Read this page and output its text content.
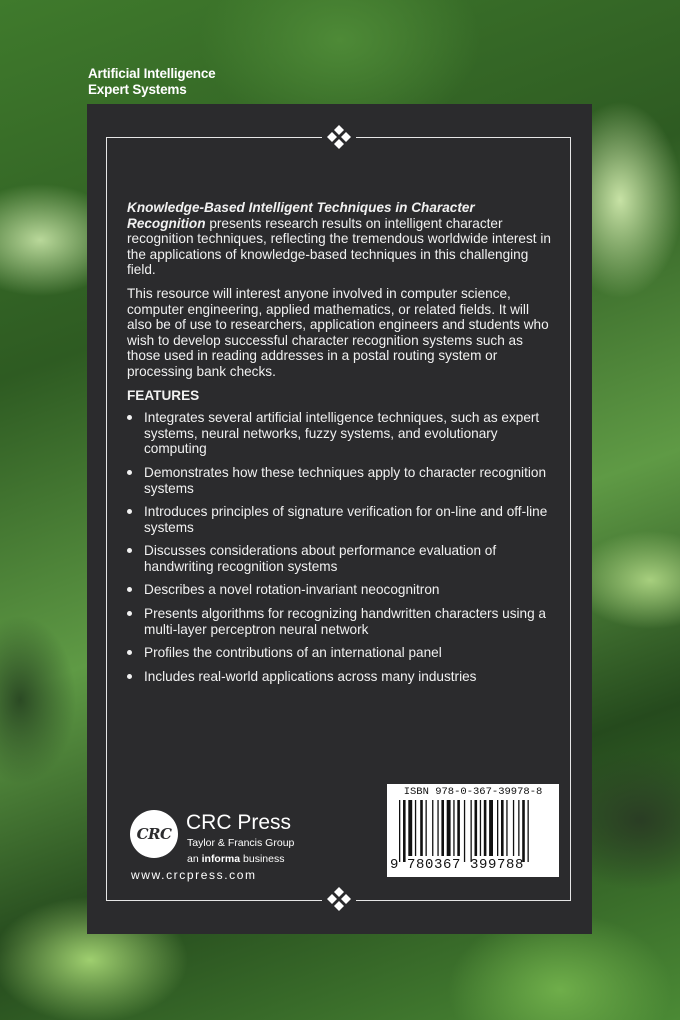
Artificial Intelligence
Expert Systems

Knowledge-Based Intelligent Techniques in Character Recognition presents research results on intelligent character recognition techniques, reflecting the tremendous worldwide interest in the applications of knowledge-based techniques in this challenging field.

This resource will interest anyone involved in computer science, computer engineering, applied mathematics, or related fields. It will also be of use to researchers, application engineers and students who wish to develop successful character recognition systems such as those used in reading addresses in a postal routing system or processing bank checks.

FEATURES
Integrates several artificial intelligence techniques, such as expert systems, neural networks, fuzzy systems, and evolutionary computing
Demonstrates how these techniques apply to character recognition systems
Introduces principles of signature verification for on-line and off-line systems
Discusses considerations about performance evaluation of handwriting recognition systems
Describes a novel rotation-invariant neocognitron
Presents algorithms for recognizing handwritten characters using a multi-layer perceptron neural network
Profiles the contributions of an international panel
Includes real-world applications across many industries
CRC CRC Press
Taylor & Francis Group
an informa business
www.crcpress.com
ISBN 978-0-367-39978-8
9 780367 399788
